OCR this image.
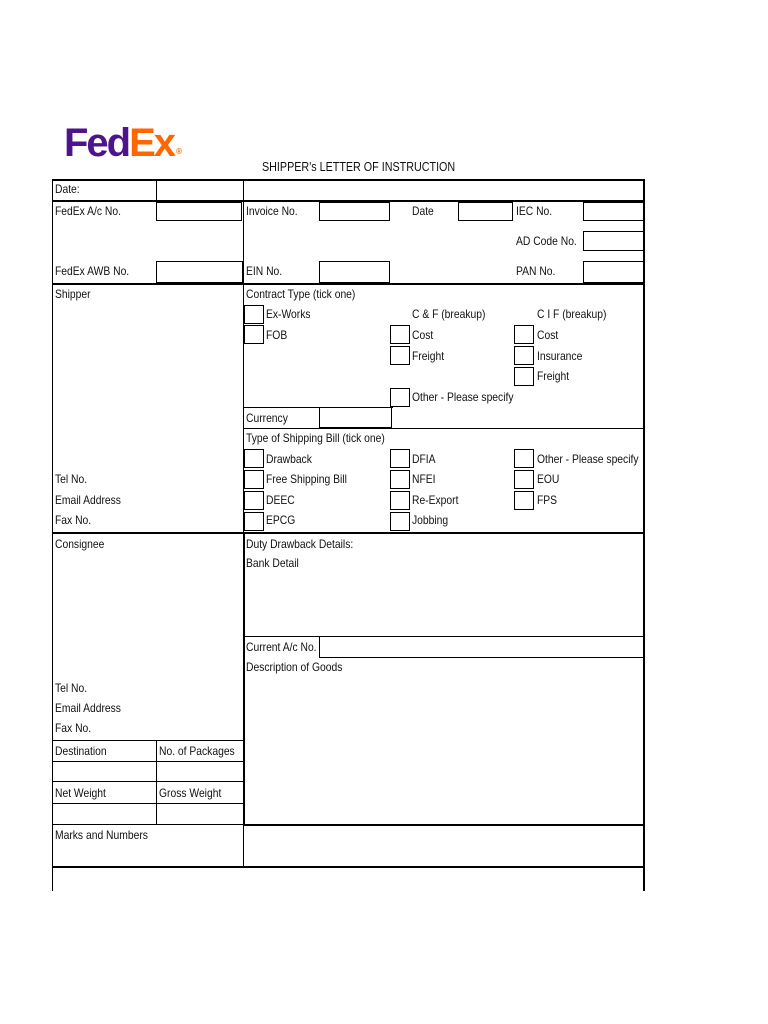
FedEx ®
SHIPPER's LETTER OF INSTRUCTION
Date:
FedEx A/c No.	Invoice No.	Date	IEC No.
AD Code No.
FedEx AWB No.	EIN No.	PAN No.
Shipper
Tel No.
Email Address
Fax No.
Contract Type (tick one)
Ex-Works
FOB
C & F (breakup)
Cost
Freight
C I F (breakup)
Cost
Insurance
Freight
Other - Please specify
Currency
Type of Shipping Bill (tick one)
Drawback
Free Shipping Bill
DEEC
EPCG
DFIA
NFEI
Re-Export
Jobbing
Other - Please specify
EOU
FPS
Consignee
Tel No.
Email Address
Fax No.
Duty Drawback Details:
Bank Detail
Current A/c No.
Description of Goods
Destination	No. of Packages
Net Weight	Gross Weight
Marks and Numbers
